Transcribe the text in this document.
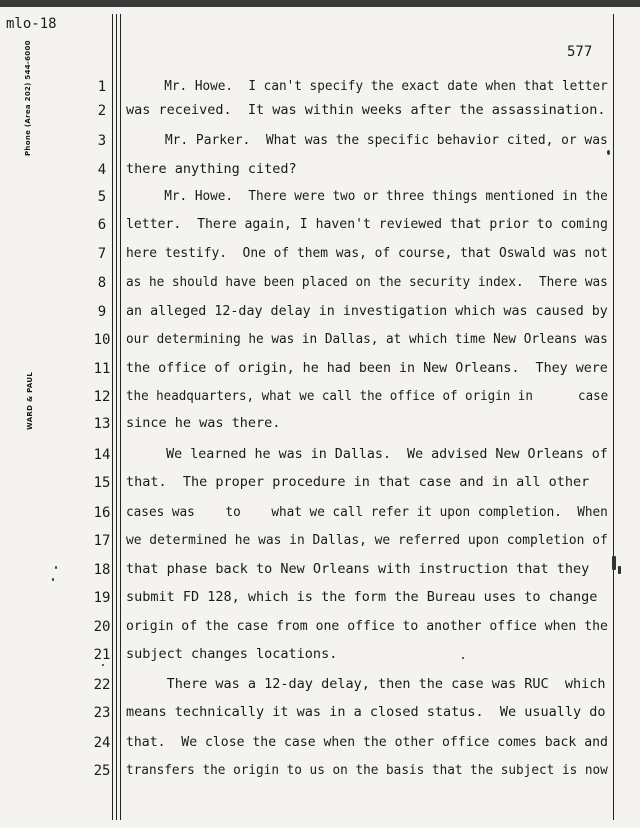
mlo-18
577
Phone (Area 202) 544-6000
WARD & PAUL
1	Mr. Howe.  I can't specify the exact date when that letter
2	was received.  It was within weeks after the assassination.
3	Mr. Parker.  What was the specific behavior cited, or was
4	there anything cited?
5	Mr. Howe.  There were two or three things mentioned in the
6	letter.  There again, I haven't reviewed that prior to coming
7	here testify.  One of them was, of course, that Oswald was not
8	as he should have been placed on the security index.  There was
9	an alleged 12-day delay in investigation which was caused by
10	our determining he was in Dallas, at which time New Orleans was
11	the office of origin, he had been in New Orleans.  They were
12	the headquarters, what we call the office of origin in      case
13	since he was there.
14	We learned he was in Dallas.  We advised New Orleans of
15	that.  The proper procedure in that case and in all other
16	cases was    to    what we call refer it upon completion.  When
17	we determined he was in Dallas, we referred upon completion of
18	that phase back to New Orleans with instruction that they
19	submit FD 128, which is the form the Bureau uses to change
20	origin of the case from one office to another office when the
21	subject changes locations.
22	There was a 12-day delay, then the case was RUC  which
23	means technically it was in a closed status.  We usually do
24	that.  We close the case when the other office comes back and
25	transfers the origin to us on the basis that the subject is now
